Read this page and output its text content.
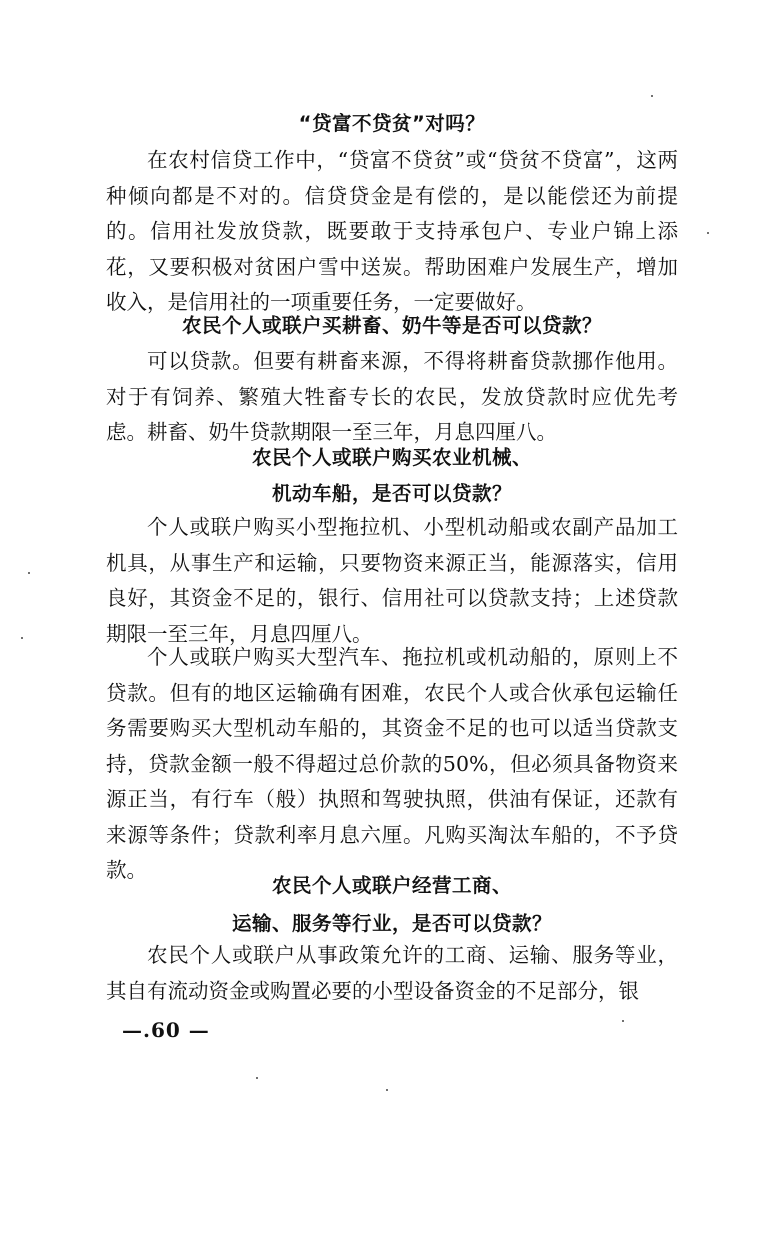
“贷富不贷贫”对吗？
在农村信贷工作中，“贷富不贷贫”或“贷贫不贷富”，这两种倾向都是不对的。信贷贷金是有偿的，是以能偿还为前提的。信用社发放贷款，既要敢于支持承包户、专业户锦上添花，又要积极对贫困户雪中送炭。帮助困难户发展生产，增加收入，是信用社的一项重要任务，一定要做好。
农民个人或联户买耕畜、奶牛等是否可以贷款？
可以贷款。但要有耕畜来源，不得将耕畜贷款挪作他用。对于有饲养、繁殖大牲畜专长的农民，发放贷款时应优先考虑。耕畜、奶牛贷款期限一至三年，月息四厘八。
农民个人或联户购买农业机械、
机动车船，是否可以贷款？
个人或联户购买小型拖拉机、小型机动船或农副产品加工机具，从事生产和运输，只要物资来源正当，能源落实，信用良好，其资金不足的，银行、信用社可以贷款支持；上述贷款期限一至三年，月息四厘八。
个人或联户购买大型汽车、拖拉机或机动船的，原则上不贷款。但有的地区运输确有困难，农民个人或合伙承包运输任务需要购买大型机动车船的，其资金不足的也可以适当贷款支持，贷款金额一般不得超过总价款的50%，但必须具备物资来源正当，有行车（般）执照和驾驶执照，供油有保证，还款有来源等条件；贷款利率月息六厘。凡购买淘汰车船的，不予贷款。
农民个人或联户经营工商、
运输、服务等行业，是否可以贷款？
农民个人或联户从事政策允许的工商、运输、服务等业，其自有流动资金或购置必要的小型设备资金的不足部分，银
—.60 —
